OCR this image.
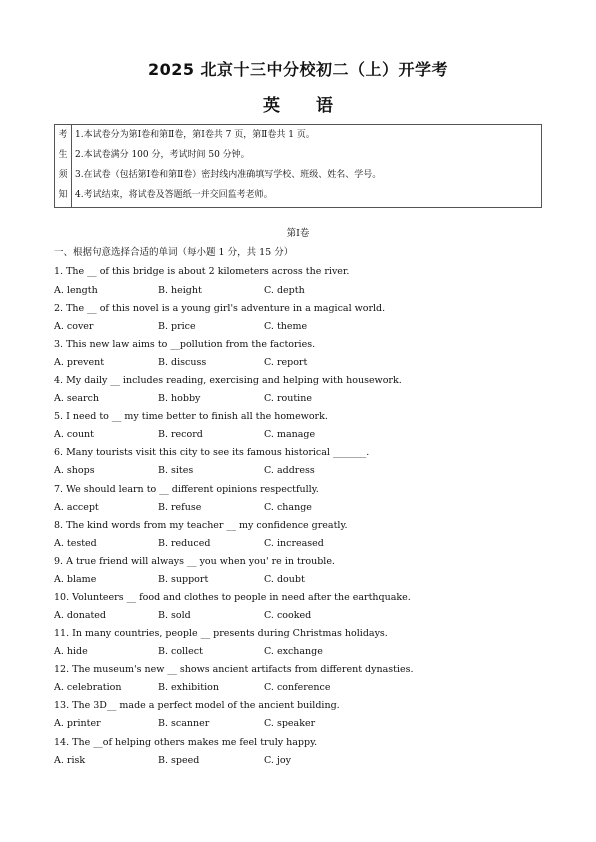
2025 北京十三中分校初二（上）开学考
英 语
考
生
须
知

1.本试卷分为第Ⅰ卷和第Ⅱ卷，第Ⅰ卷共 7 页，第Ⅱ卷共 1 页。
2.本试卷满分 100 分，考试时间 50 分钟。
3.在试卷（包括第Ⅰ卷和第Ⅱ卷）密封线内准确填写学校、班级、姓名、学号。
4.考试结束，将试卷及答题纸一并交回监考老师。
第Ⅰ卷
一、根据句意选择合适的单词（每小题 1 分，共 15 分）
1. The __ of this bridge is about 2 kilometers across the river.
A. length	B. height	C. depth
2. The __ of this novel is a young girl's adventure in a magical world.
A. cover	B. price	C. theme
3. This new law aims to __pollution from the factories.
A. prevent	B. discuss	C. report
4. My daily __ includes reading, exercising and helping with housework.
A. search	B. hobby	C. routine
5. I need to __ my time better to finish all the homework.
A. count	B. record	C. manage
6. Many tourists visit this city to see its famous historical _______.
A. shops	B. sites	C. address
7. We should learn to __ different opinions respectfully.
A. accept	B. refuse	C. change
8. The kind words from my teacher __ my confidence greatly.
A. tested	B. reduced	C. increased
9. A true friend will always __ you when you' re in trouble.
A. blame	B. support	C. doubt
10. Volunteers __ food and clothes to people in need after the earthquake.
A. donated	B. sold	C. cooked
11. In many countries, people __ presents during Christmas holidays.
A. hide	B. collect	C. exchange
12. The museum's new __ shows ancient artifacts from different dynasties.
A. celebration	B. exhibition	C. conference
13. The 3D__ made a perfect model of the ancient building.
A. printer	B. scanner	C. speaker
14. The __of helping others makes me feel truly happy.
A. risk	B. speed	C. joy
